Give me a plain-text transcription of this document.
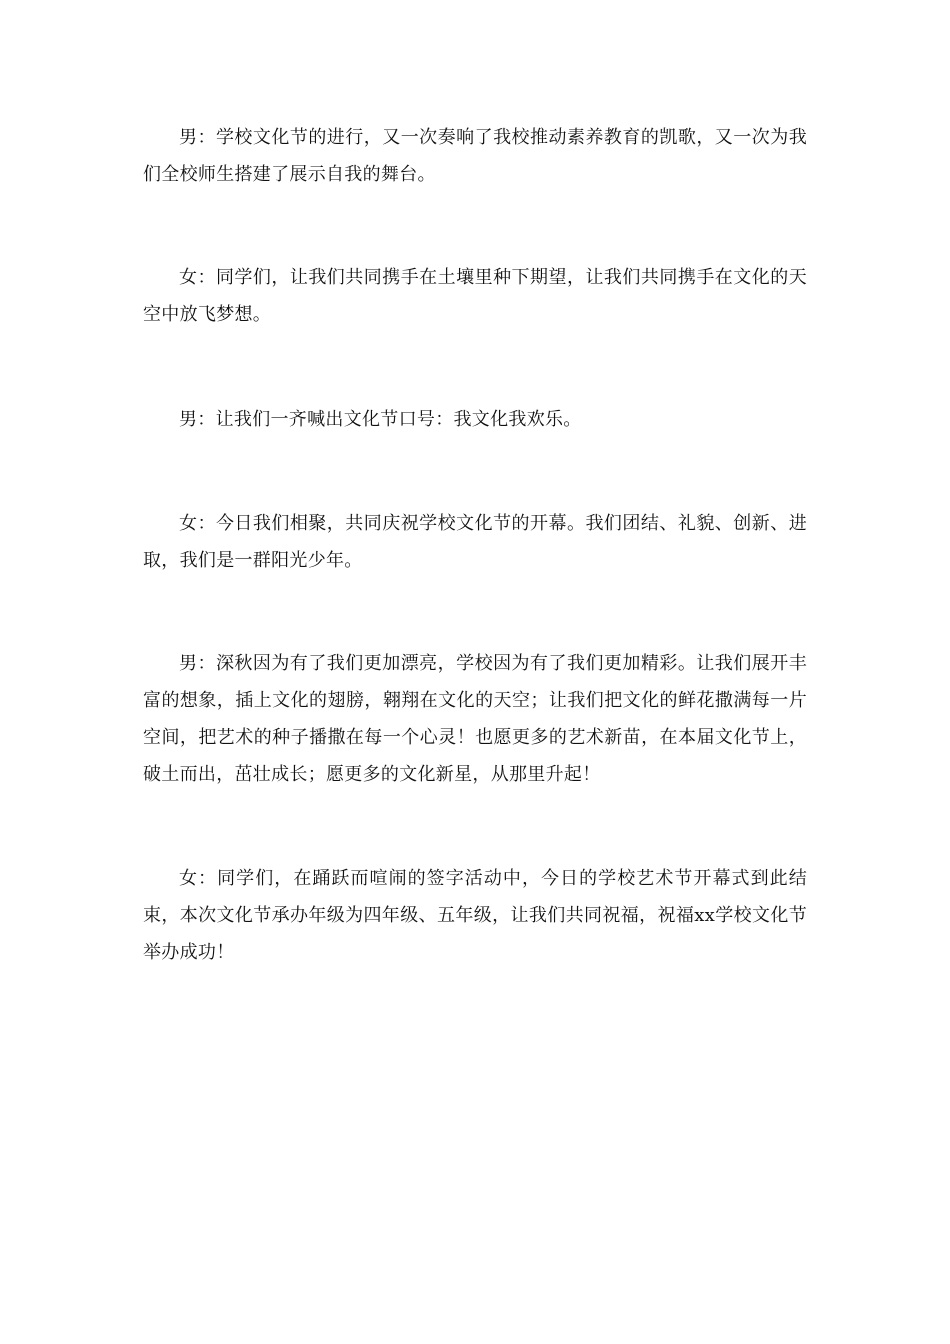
男：学校文化节的进行，又一次奏响了我校推动素养教育的凯歌，又一次为我们全校师生搭建了展示自我的舞台。

女：同学们，让我们共同携手在土壤里种下期望，让我们共同携手在文化的天空中放飞梦想。

男：让我们一齐喊出文化节口号：我文化我欢乐。

女：今日我们相聚，共同庆祝学校文化节的开幕。我们团结、礼貌、创新、进取，我们是一群阳光少年。

男：深秋因为有了我们更加漂亮，学校因为有了我们更加精彩。让我们展开丰富的想象，插上文化的翅膀，翱翔在文化的天空；让我们把文化的鲜花撒满每一片空间，把艺术的种子播撒在每一个心灵！也愿更多的艺术新苗，在本届文化节上，破土而出，茁壮成长；愿更多的文化新星，从那里升起！

女：同学们，在踊跃而喧闹的签字活动中，今日的学校艺术节开幕式到此结束，本次文化节承办年级为四年级、五年级，让我们共同祝福，祝福xx学校文化节举办成功！
